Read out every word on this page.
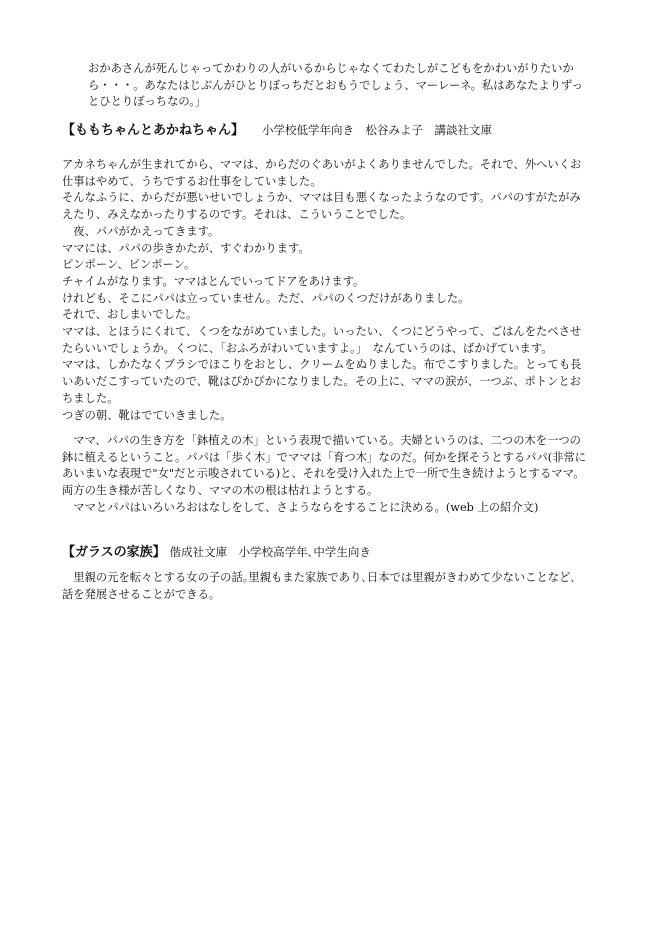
おかあさんが死んじゃってかわりの人がいるからじゃなくてわたしがこどもをかわいがりたいか

ら・・・。あなたはじぶんがひとりぼっちだとおもうでしょう、マーレーネ。私はあなたよりずっ

とひとりぼっちなの。」

【ももちゃんとあかねちゃん】 小学校低学年向き　松谷みよ子　講談社文庫

アカネちゃんが生まれてから、ママは、からだのぐあいがよくありませんでした。それで、外へいくお

仕事はやめて、うちでするお仕事をしていました。

そんなふうに、からだが悪いせいでしょうか、ママは目も悪くなったようなのです。パパのすがたがみ

えたり、みえなかったりするのです。それは、こういうことでした。

　夜、パパがかえってきます。

ママには、パパの歩きかたが、すぐわかります。

ピンポーン、ピンポーン。

チャイムがなります。ママはとんでいってドアをあけます。

けれども、そこにパパは立っていません。ただ、パパのくつだけがありました。

それで、おしまいでした。

ママは、とほうにくれて、くつをながめていました。いったい、くつにどうやって、ごはんをたべさせ

たらいいでしょうか。くつに、「おふろがわいていますよ。」　なんていうのは、ばかげています。

ママは、しかたなくブラシでほこりをおとし、クリームをぬりました。布でこすりました。とっても長

いあいだこすっていたので、靴はぴかぴかになりました。その上に、ママの涙が、一つぶ、ポトンとお

ちました。

つぎの朝、靴はでていきました。

　ママ、パパの生き方を「鉢植えの木」という表現で描いている。夫婦というのは、二つの木を一つの

鉢に植えるということ。パパは「歩く木」でママは「育つ木」なのだ。何かを探そうとするパパ(非常に

あいまいな表現で"女"だと示唆されている)と、それを受け入れた上で一所で生き続けようとするママ。

両方の生き様が苦しくなり、ママの木の根は枯れようとする。

　ママとパパはいろいろおはなしをして、さようならをすることに決める。(web 上の紹介文)

【ガラスの家族】 偕成社文庫　小学校高学年､中学生向き

　里親の元を転々とする女の子の話｡里親もまた家族であり､日本では里親がきわめて少ないことなど､

話を発展させることができる｡
